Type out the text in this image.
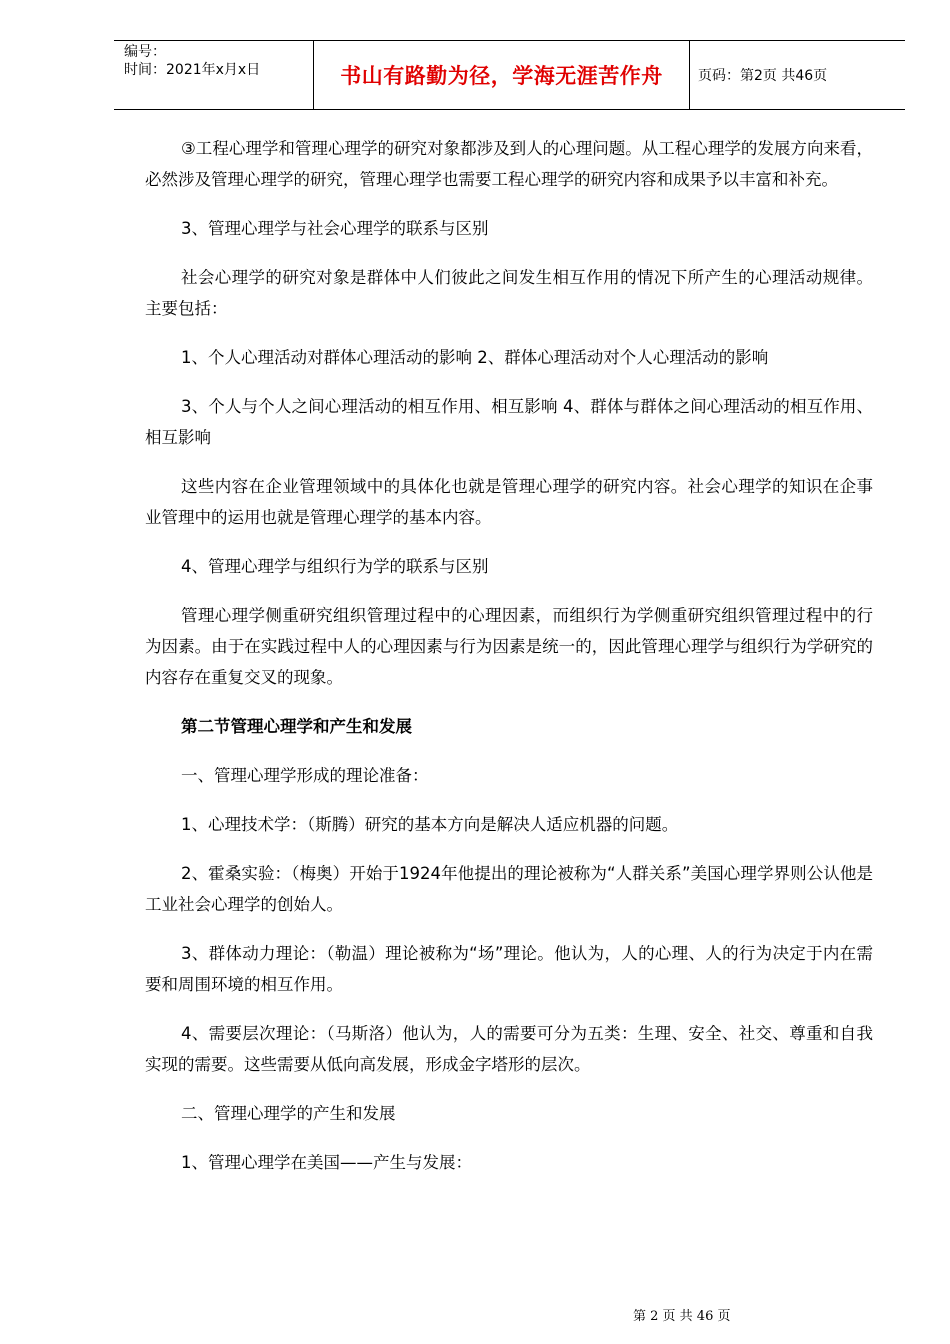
编号：
时间：2021年x月x日	书山有路勤为径，学海无涯苦作舟	页码：第2页 共46页

③工程心理学和管理心理学的研究对象都涉及到人的心理问题。从工程心理学的发展方向来看，必然涉及管理心理学的研究，管理心理学也需要工程心理学的研究内容和成果予以丰富和补充。

3、管理心理学与社会心理学的联系与区别

社会心理学的研究对象是群体中人们彼此之间发生相互作用的情况下所产生的心理活动规律。主要包括：

1、个人心理活动对群体心理活动的影响 2、群体心理活动对个人心理活动的影响

3、个人与个人之间心理活动的相互作用、相互影响 4、群体与群体之间心理活动的相互作用、相互影响

这些内容在企业管理领域中的具体化也就是管理心理学的研究内容。社会心理学的知识在企事业管理中的运用也就是管理心理学的基本内容。

4、管理心理学与组织行为学的联系与区别

管理心理学侧重研究组织管理过程中的心理因素，而组织行为学侧重研究组织管理过程中的行为因素。由于在实践过程中人的心理因素与行为因素是统一的，因此管理心理学与组织行为学研究的内容存在重复交叉的现象。

第二节管理心理学和产生和发展

一、管理心理学形成的理论准备：

1、心理技术学：（斯腾）研究的基本方向是解决人适应机器的问题。

2、霍桑实验：（梅奥）开始于1924年他提出的理论被称为“人群关系”美国心理学界则公认他是工业社会心理学的创始人。

3、群体动力理论：（勒温）理论被称为“场”理论。他认为，人的心理、人的行为决定于内在需要和周围环境的相互作用。

4、需要层次理论：（马斯洛）他认为，人的需要可分为五类：生理、安全、社交、尊重和自我实现的需要。这些需要从低向高发展，形成金字塔形的层次。

二、管理心理学的产生和发展

1、管理心理学在美国——产生与发展：

第 2 页 共 46 页
